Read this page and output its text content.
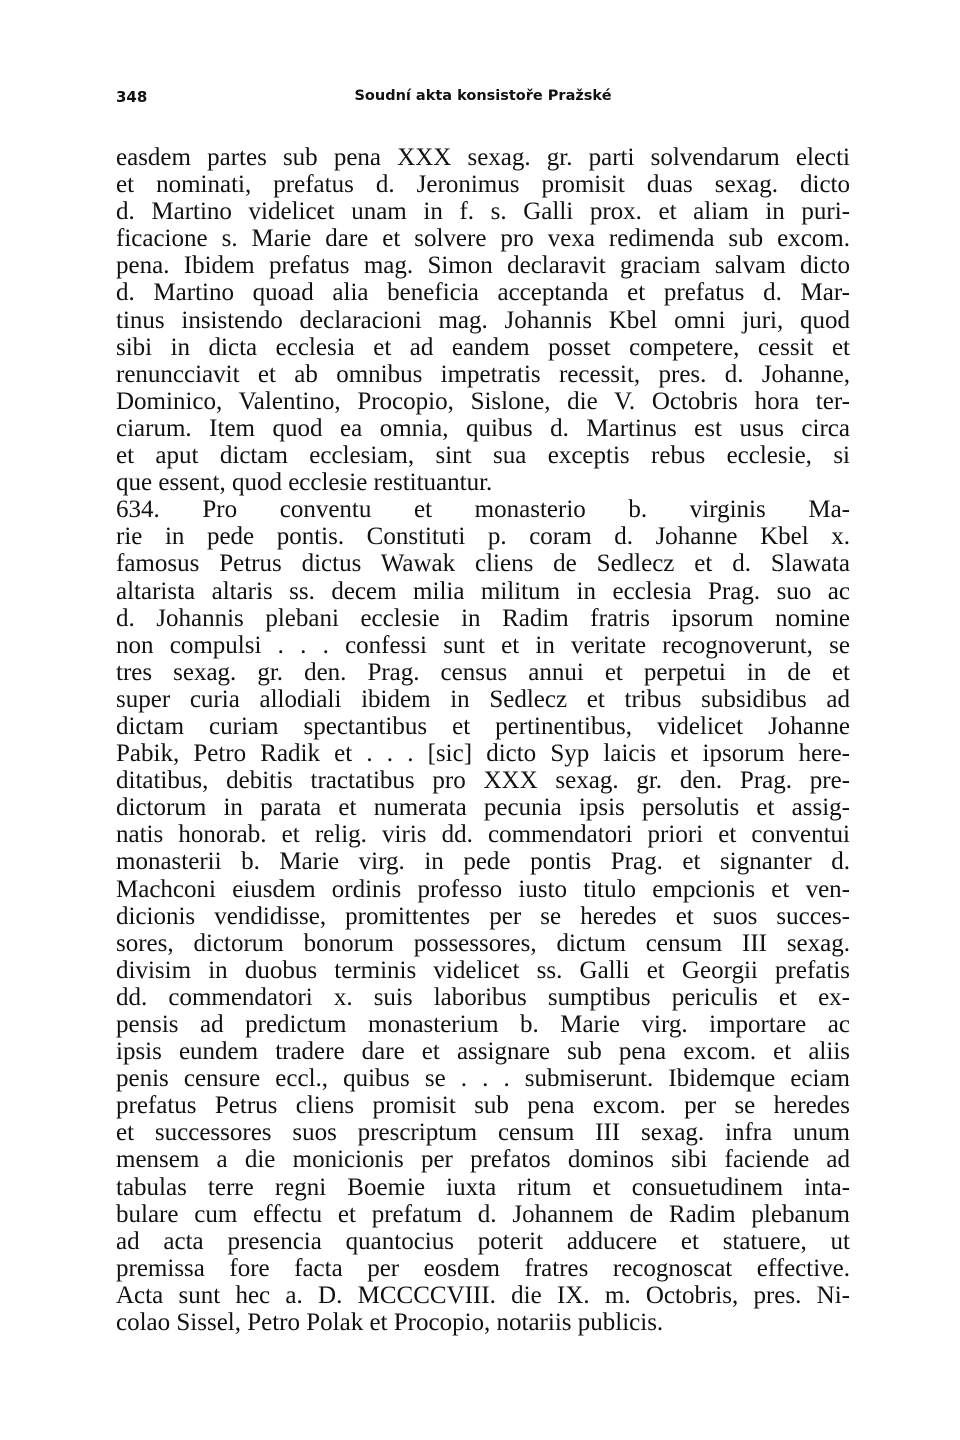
348	Soudní akta konsistoře Pražské
easdem partes sub pena XXX sexag. gr. parti solvendarum electi
et nominati, prefatus d. Jeronimus promisit duas sexag. dicto
d. Martino videlicet unam in f. s. Galli prox. et aliam in puri-
ficacione s. Marie dare et solvere pro vexa redimenda sub excom.
pena. Ibidem prefatus mag. Simon declaravit graciam salvam dicto
d. Martino quoad alia beneficia acceptanda et prefatus d. Mar-
tinus insistendo declaracioni mag. Johannis Kbel omni juri, quod
sibi in dicta ecclesia et ad eandem posset competere, cessit et
renuncciavit et ab omnibus impetratis recessit, pres. d. Johanne,
Dominico, Valentino, Procopio, Sislone, die V. Octobris hora ter-
ciarum. Item quod ea omnia, quibus d. Martinus est usus circa
et aput dictam ecclesiam, sint sua exceptis rebus ecclesie, si
que essent, quod ecclesie restituantur.
634. Pro conventu et monasterio b. virginis Ma-
rie in pede pontis. Constituti p. coram d. Johanne Kbel x.
famosus Petrus dictus Wawak cliens de Sedlecz et d. Slawata
altarista altaris ss. decem milia militum in ecclesia Prag. suo ac
d. Johannis plebani ecclesie in Radim fratris ipsorum nomine
non compulsi . . . confessi sunt et in veritate recognoverunt, se
tres sexag. gr. den. Prag. census annui et perpetui in de et
super curia allodiali ibidem in Sedlecz et tribus subsidibus ad
dictam curiam spectantibus et pertinentibus, videlicet Johanne
Pabik, Petro Radik et . . . [sic] dicto Syp laicis et ipsorum here-
ditatibus, debitis tractatibus pro XXX sexag. gr. den. Prag. pre-
dictorum in parata et numerata pecunia ipsis persolutis et assig-
natis honorab. et relig. viris dd. commendatori priori et conventui
monasterii b. Marie virg. in pede pontis Prag. et signanter d.
Machconi eiusdem ordinis professo iusto titulo empcionis et ven-
dicionis vendidisse, promittentes per se heredes et suos succes-
sores, dictorum bonorum possessores, dictum censum III sexag.
divisim in duobus terminis videlicet ss. Galli et Georgii prefatis
dd. commendatori x. suis laboribus sumptibus periculis et ex-
pensis ad predictum monasterium b. Marie virg. importare ac
ipsis eundem tradere dare et assignare sub pena excom. et aliis
penis censure eccl., quibus se . . . submiserunt. Ibidemque eciam
prefatus Petrus cliens promisit sub pena excom. per se heredes
et successores suos prescriptum censum III sexag. infra unum
mensem a die monicionis per prefatos dominos sibi faciende ad
tabulas terre regni Boemie iuxta ritum et consuetudinem inta-
bulare cum effectu et prefatum d. Johannem de Radim plebanum
ad acta presencia quantocius poterit adducere et statuere, ut
premissa fore facta per eosdem fratres recognoscat effective.
Acta sunt hec a. D. MCCCCVIII. die IX. m. Octobris, pres. Ni-
colao Sissel, Petro Polak et Procopio, notariis publicis.
